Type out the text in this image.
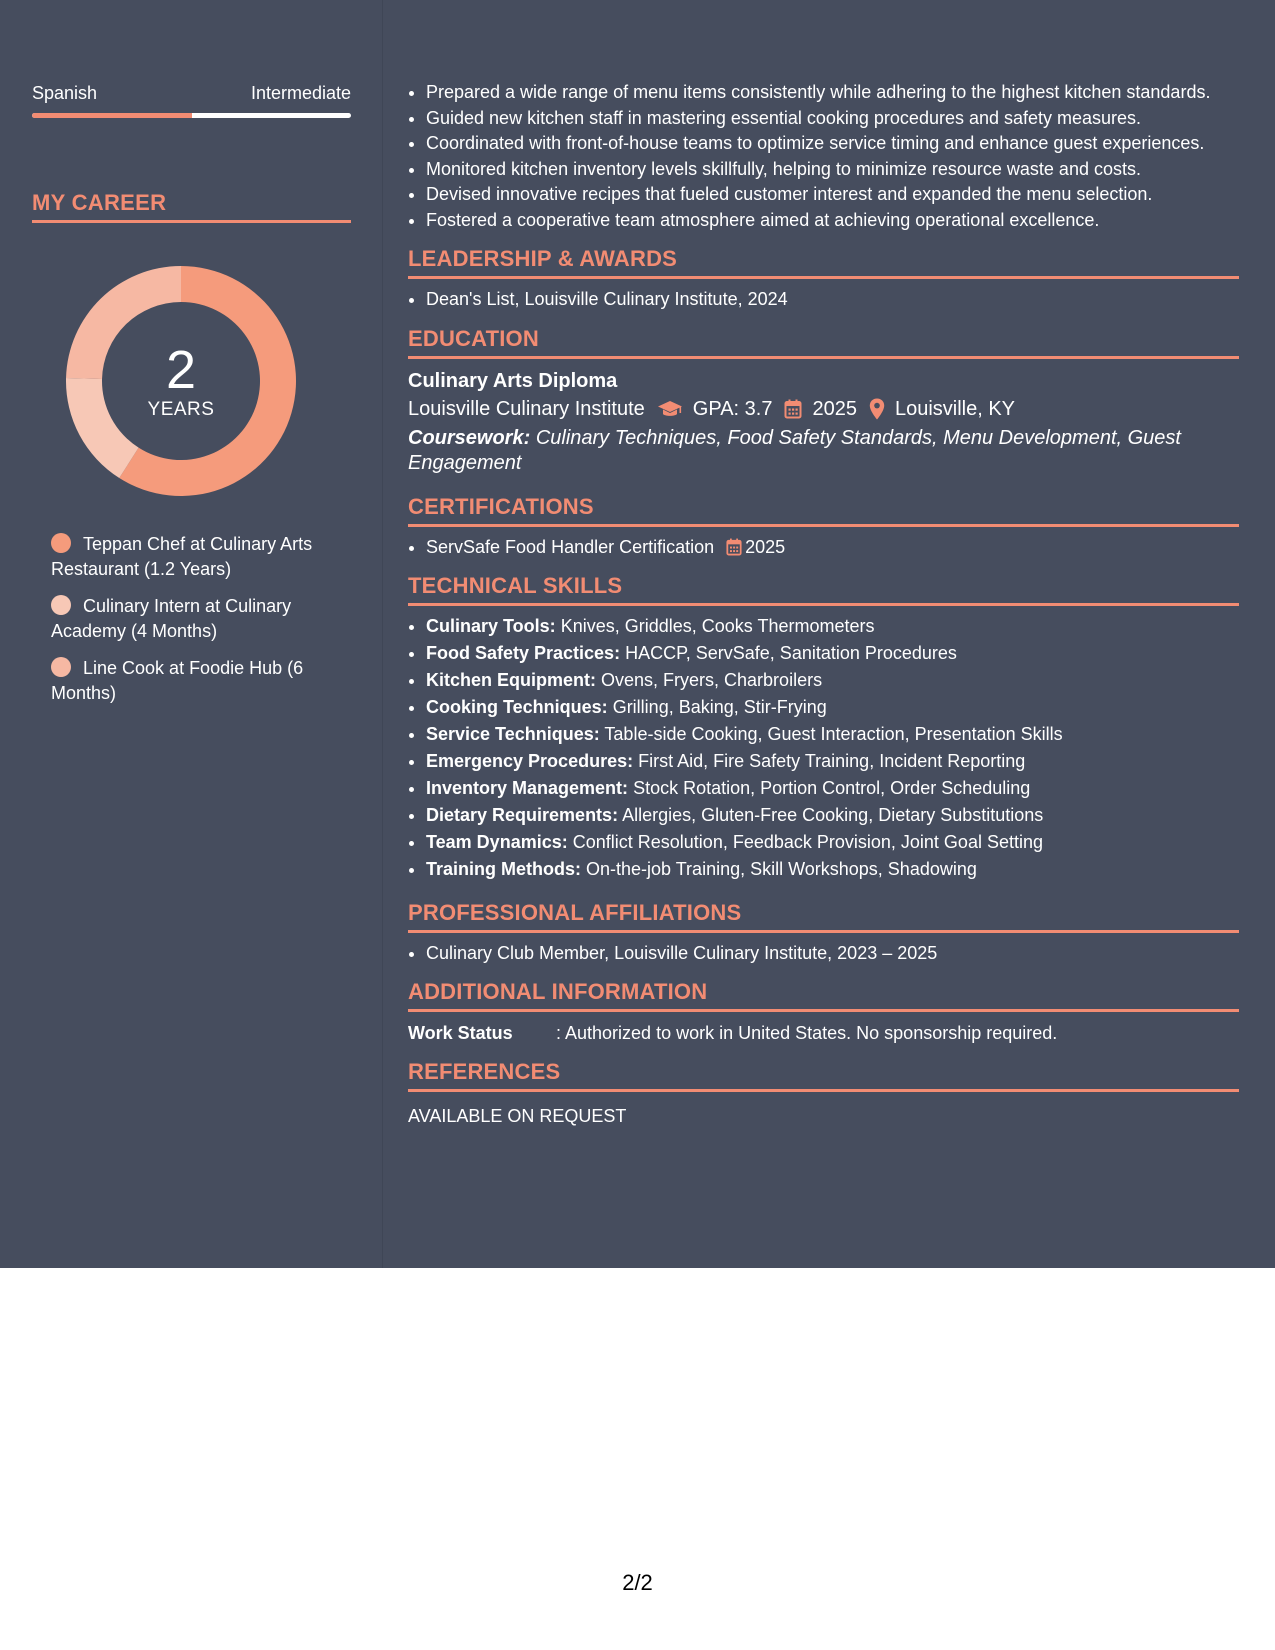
Spanish	Intermediate
MY CAREER
2
YEARS
Teppan Chef at Culinary Arts Restaurant (1.2 Years)
Culinary Intern at Culinary Academy (4 Months)
Line Cook at Foodie Hub (6 Months)
• Prepared a wide range of menu items consistently while adhering to the highest kitchen standards.
• Guided new kitchen staff in mastering essential cooking procedures and safety measures.
• Coordinated with front-of-house teams to optimize service timing and enhance guest experiences.
• Monitored kitchen inventory levels skillfully, helping to minimize resource waste and costs.
• Devised innovative recipes that fueled customer interest and expanded the menu selection.
• Fostered a cooperative team atmosphere aimed at achieving operational excellence.
LEADERSHIP & AWARDS
• Dean's List, Louisville Culinary Institute, 2024
EDUCATION
Culinary Arts Diploma
Louisville Culinary Institute GPA: 3.7 2025 Louisville, KY
Coursework: Culinary Techniques, Food Safety Standards, Menu Development, Guest Engagement
CERTIFICATIONS
• ServSafe Food Handler Certification 2025
TECHNICAL SKILLS
• Culinary Tools: Knives, Griddles, Cooks Thermometers
• Food Safety Practices: HACCP, ServSafe, Sanitation Procedures
• Kitchen Equipment: Ovens, Fryers, Charbroilers
• Cooking Techniques: Grilling, Baking, Stir-Frying
• Service Techniques: Table-side Cooking, Guest Interaction, Presentation Skills
• Emergency Procedures: First Aid, Fire Safety Training, Incident Reporting
• Inventory Management: Stock Rotation, Portion Control, Order Scheduling
• Dietary Requirements: Allergies, Gluten-Free Cooking, Dietary Substitutions
• Team Dynamics: Conflict Resolution, Feedback Provision, Joint Goal Setting
• Training Methods: On-the-job Training, Skill Workshops, Shadowing
PROFESSIONAL AFFILIATIONS
• Culinary Club Member, Louisville Culinary Institute, 2023 – 2025
ADDITIONAL INFORMATION
Work Status	: Authorized to work in United States. No sponsorship required.
REFERENCES
AVAILABLE ON REQUEST
2/2
